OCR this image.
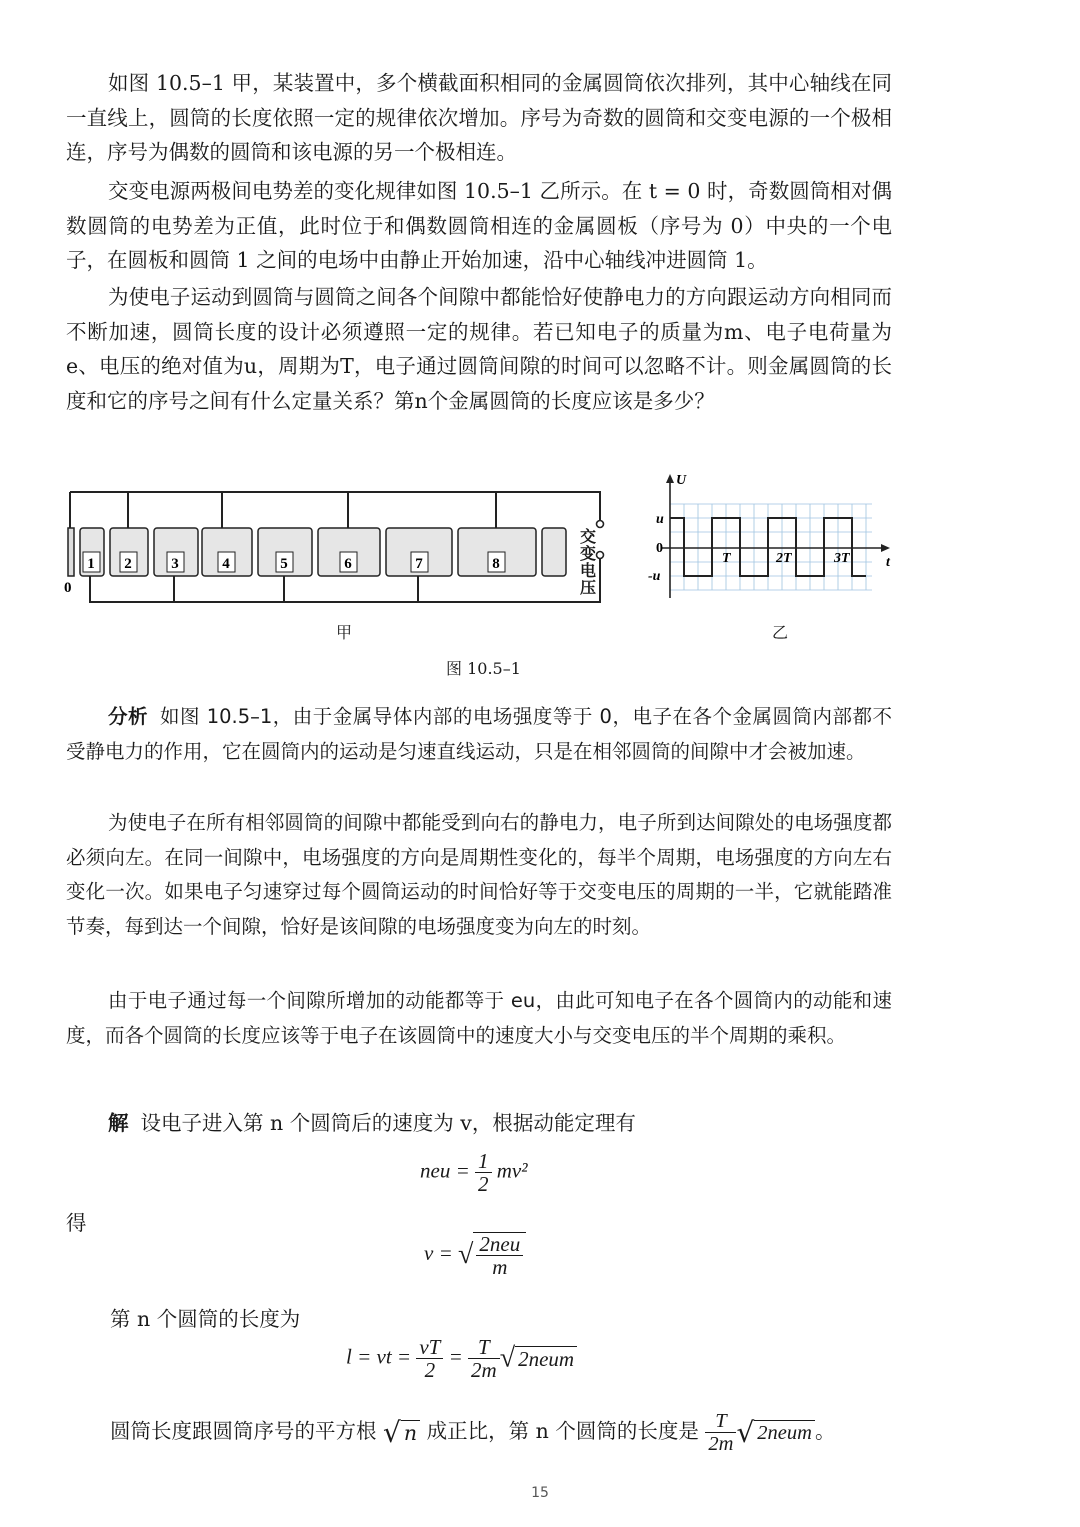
如图 10.5–1 甲，某装置中，多个横截面积相同的金属圆筒依次排列，其中心轴线在同一直线上，圆筒的长度依照一定的规律依次增加。序号为奇数的圆筒和交变电源的一个极相连，序号为偶数的圆筒和该电源的另一个极相连。

交变电源两极间电势差的变化规律如图 10.5–1 乙所示。在 t = 0 时，奇数圆筒相对偶数圆筒的电势差为正值，此时位于和偶数圆筒相连的金属圆板（序号为 0）中央的一个电子，在圆板和圆筒 1 之间的电场中由静止开始加速，沿中心轴线冲进圆筒 1。

为使电子运动到圆筒与圆筒之间各个间隙中都能恰好使静电力的方向跟运动方向相同而不断加速，圆筒长度的设计必须遵照一定的规律。若已知电子的质量为m、电子电荷量为e、电压的绝对值为u，周期为T，电子通过圆筒间隙的时间可以忽略不计。则金属圆筒的长度和它的序号之间有什么定量关系？第n个金属圆筒的长度应该是多少？

1 2	3	4	5	6	7	8
0
交变电压
U
t
u
0
-u
T	2T	3T
甲	乙
图 10.5–1

分析 如图 10.5–1，由于金属导体内部的电场强度等于 0，电子在各个金属圆筒内部都不受静电力的作用，它在圆筒内的运动是匀速直线运动，只是在相邻圆筒的间隙中才会被加速。

为使电子在所有相邻圆筒的间隙中都能受到向右的静电力，电子所到达间隙处的电场强度都必须向左。在同一间隙中，电场强度的方向是周期性变化的，每半个周期，电场强度的方向左右变化一次。如果电子匀速穿过每个圆筒运动的时间恰好等于交变电压的周期的一半，它就能踏准节奏，每到达一个间隙，恰好是该间隙的电场强度变为向左的时刻。

由于电子通过每一个间隙所增加的动能都等于 eu，由此可知电子在各个圆筒内的动能和速度，而各个圆筒的长度应该等于电子在该圆筒中的速度大小与交变电压的半个周期的乘积。

解 设电子进入第 n 个圆筒后的速度为 v，根据动能定理有

neu = $\frac{1}{2} mv^2$
得
v = √ $\frac{\text{2neu}}{m}$
第 n 个圆筒的长度为
l = vt = $\frac{vT}{2} = \frac{T}{2m}$ √ 2neum
圆筒长度跟圆筒序号的平方根 √ n 成正比，第 n 个圆筒的长度是 $\frac{T}{2m}$ √ 2neum 。
15
